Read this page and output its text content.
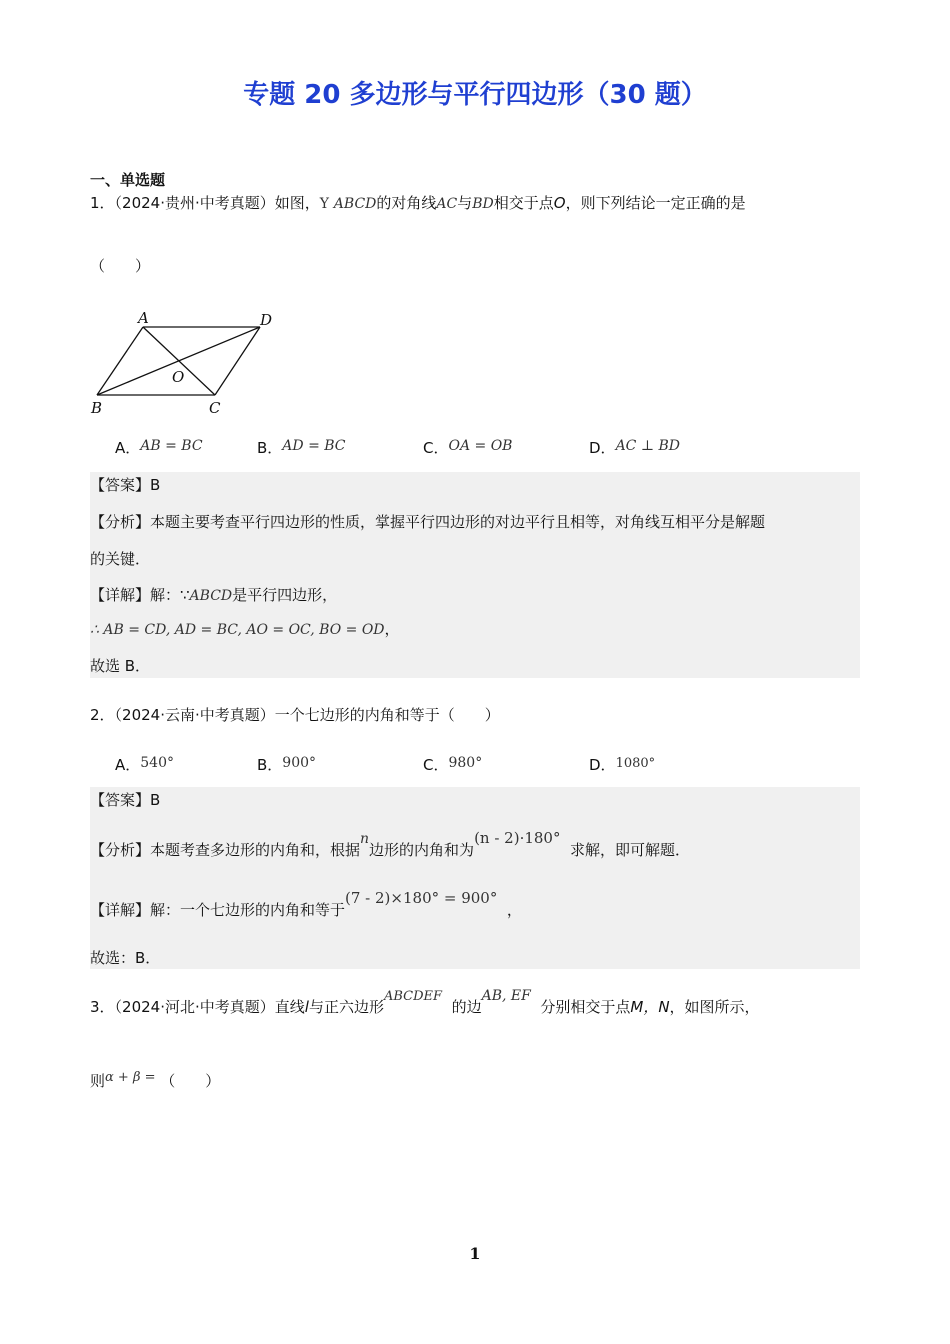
专题 20 多边形与平行四边形（30 题）
一、单选题
1．（2024·贵州·中考真题）如图，Y ABCD的对角线AC与BD相交于点O，则下列结论一定正确的是
（　　）
A	D
O
B	C
A．AB = BC	B．AD = BC	C．OA = OB	D．AC ⊥ BD
【答案】B
【分析】本题主要考查平行四边形的性质，掌握平行四边形的对边平行且相等，对角线互相平分是解题
的关键．
【详解】解：∵ABCD是平行四边形，
∴ AB = CD, AD = BC, AO = OC, BO = OD，
故选 B．
2．（2024·云南·中考真题）一个七边形的内角和等于（　　）
A．540°	B．900°	C．980°	D．1080°
【答案】B
【分析】本题考查多边形的内角和，根据n边形的内角和为(n - 2)·180°  求解，即可解题．
【详解】解：一个七边形的内角和等于(7 - 2)×180° = 900°  ，
故选：B．
3．（2024·河北·中考真题）直线l与正六边形ABCDEF  的边AB, EF  分别相交于点M，N，如图所示，
则α + β = （　　）
1
